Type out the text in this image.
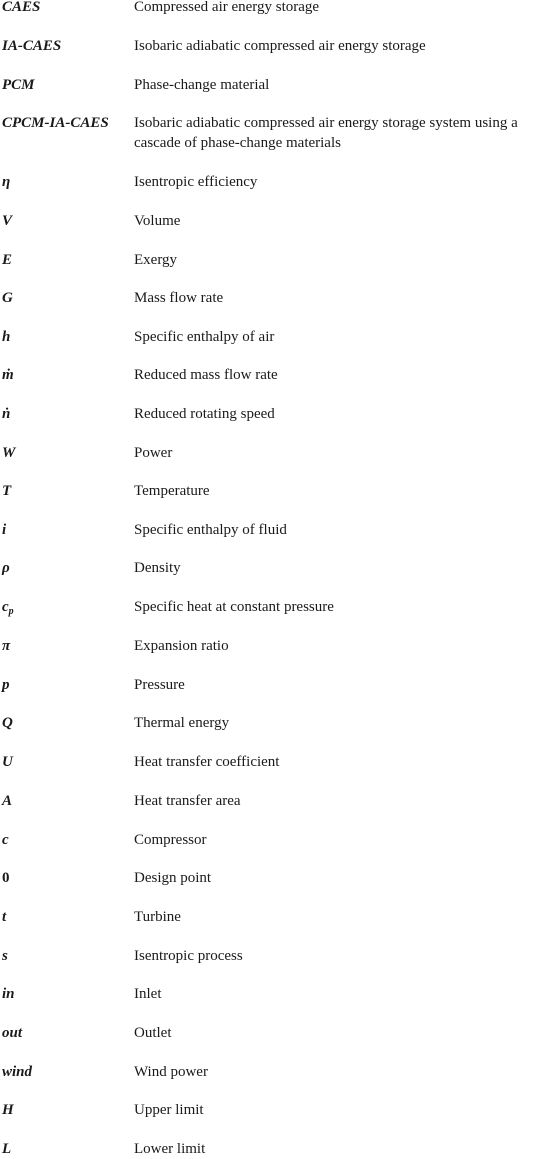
CAES	Compressed air energy storage
IA-CAES	Isobaric adiabatic compressed air energy storage
PCM	Phase-change material
CPCM-IA-CAES	Isobaric adiabatic compressed air energy storage system using a cascade of phase-change materials
η	Isentropic efficiency
V	Volume
E	Exergy
G	Mass flow rate
h	Specific enthalpy of air
ṁ	Reduced mass flow rate
ṅ	Reduced rotating speed
W	Power
T	Temperature
i	Specific enthalpy of fluid
ρ	Density
$c_p$	Specific heat at constant pressure
π	Expansion ratio
p	Pressure
Q	Thermal energy
U	Heat transfer coefficient
A	Heat transfer area
c	Compressor
0	Design point
t	Turbine
s	Isentropic process
in	Inlet
out	Outlet
wind	Wind power
H	Upper limit
L	Lower limit
